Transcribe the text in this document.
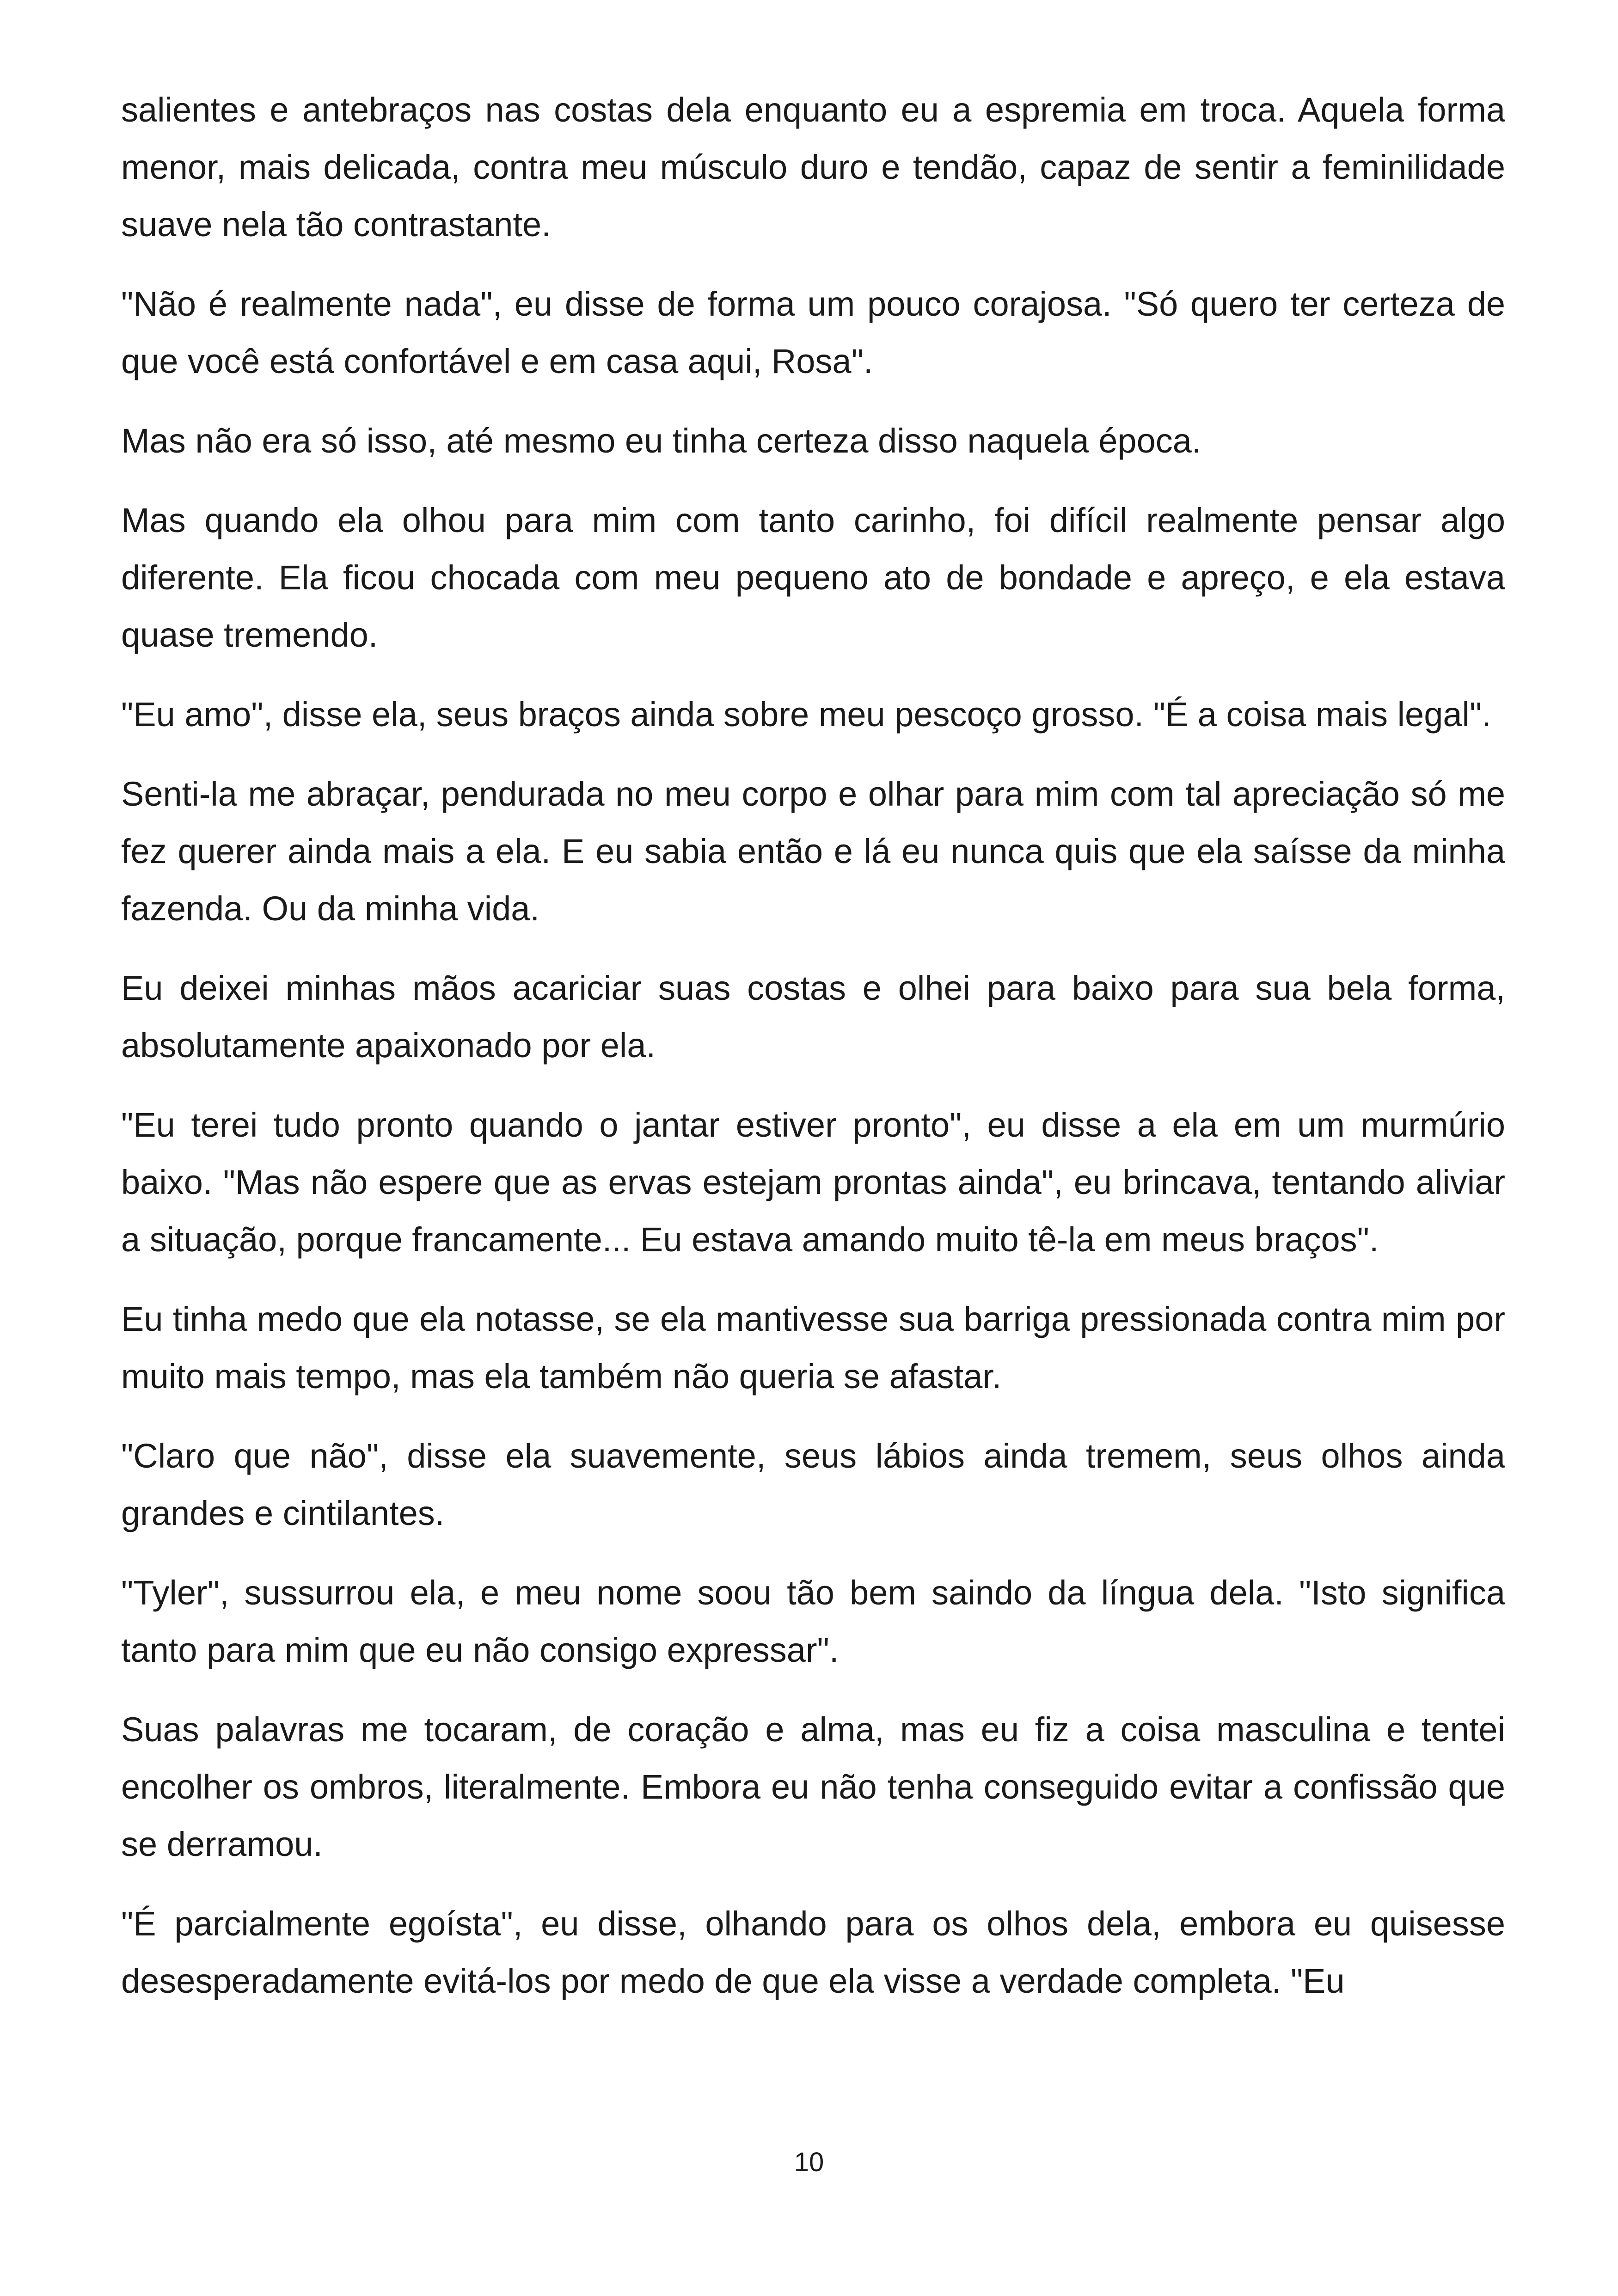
salientes e antebraços nas costas dela enquanto eu a espremia em troca. Aquela forma menor, mais delicada, contra meu músculo duro e tendão, capaz de sentir a feminilidade suave nela tão contrastante.

"Não é realmente nada", eu disse de forma um pouco corajosa. "Só quero ter certeza de que você está confortável e em casa aqui, Rosa".

Mas não era só isso, até mesmo eu tinha certeza disso naquela época.

Mas quando ela olhou para mim com tanto carinho, foi difícil realmente pensar algo diferente. Ela ficou chocada com meu pequeno ato de bondade e apreço, e ela estava quase tremendo.

"Eu amo", disse ela, seus braços ainda sobre meu pescoço grosso. "É a coisa mais legal".

Senti-la me abraçar, pendurada no meu corpo e olhar para mim com tal apreciação só me fez querer ainda mais a ela. E eu sabia então e lá eu nunca quis que ela saísse da minha fazenda. Ou da minha vida.

Eu deixei minhas mãos acariciar suas costas e olhei para baixo para sua bela forma, absolutamente apaixonado por ela.

"Eu terei tudo pronto quando o jantar estiver pronto", eu disse a ela em um murmúrio baixo. "Mas não espere que as ervas estejam prontas ainda", eu brincava, tentando aliviar a situação, porque francamente... Eu estava amando muito tê-la em meus braços".

Eu tinha medo que ela notasse, se ela mantivesse sua barriga pressionada contra mim por muito mais tempo, mas ela também não queria se afastar.

"Claro que não", disse ela suavemente, seus lábios ainda tremem, seus olhos ainda grandes e cintilantes.

"Tyler", sussurrou ela, e meu nome soou tão bem saindo da língua dela. "Isto significa tanto para mim que eu não consigo expressar".

Suas palavras me tocaram, de coração e alma, mas eu fiz a coisa masculina e tentei encolher os ombros, literalmente. Embora eu não tenha conseguido evitar a confissão que se derramou.

"É parcialmente egoísta", eu disse, olhando para os olhos dela, embora eu quisesse desesperadamente evitá-los por medo de que ela visse a verdade completa. "Eu

10
